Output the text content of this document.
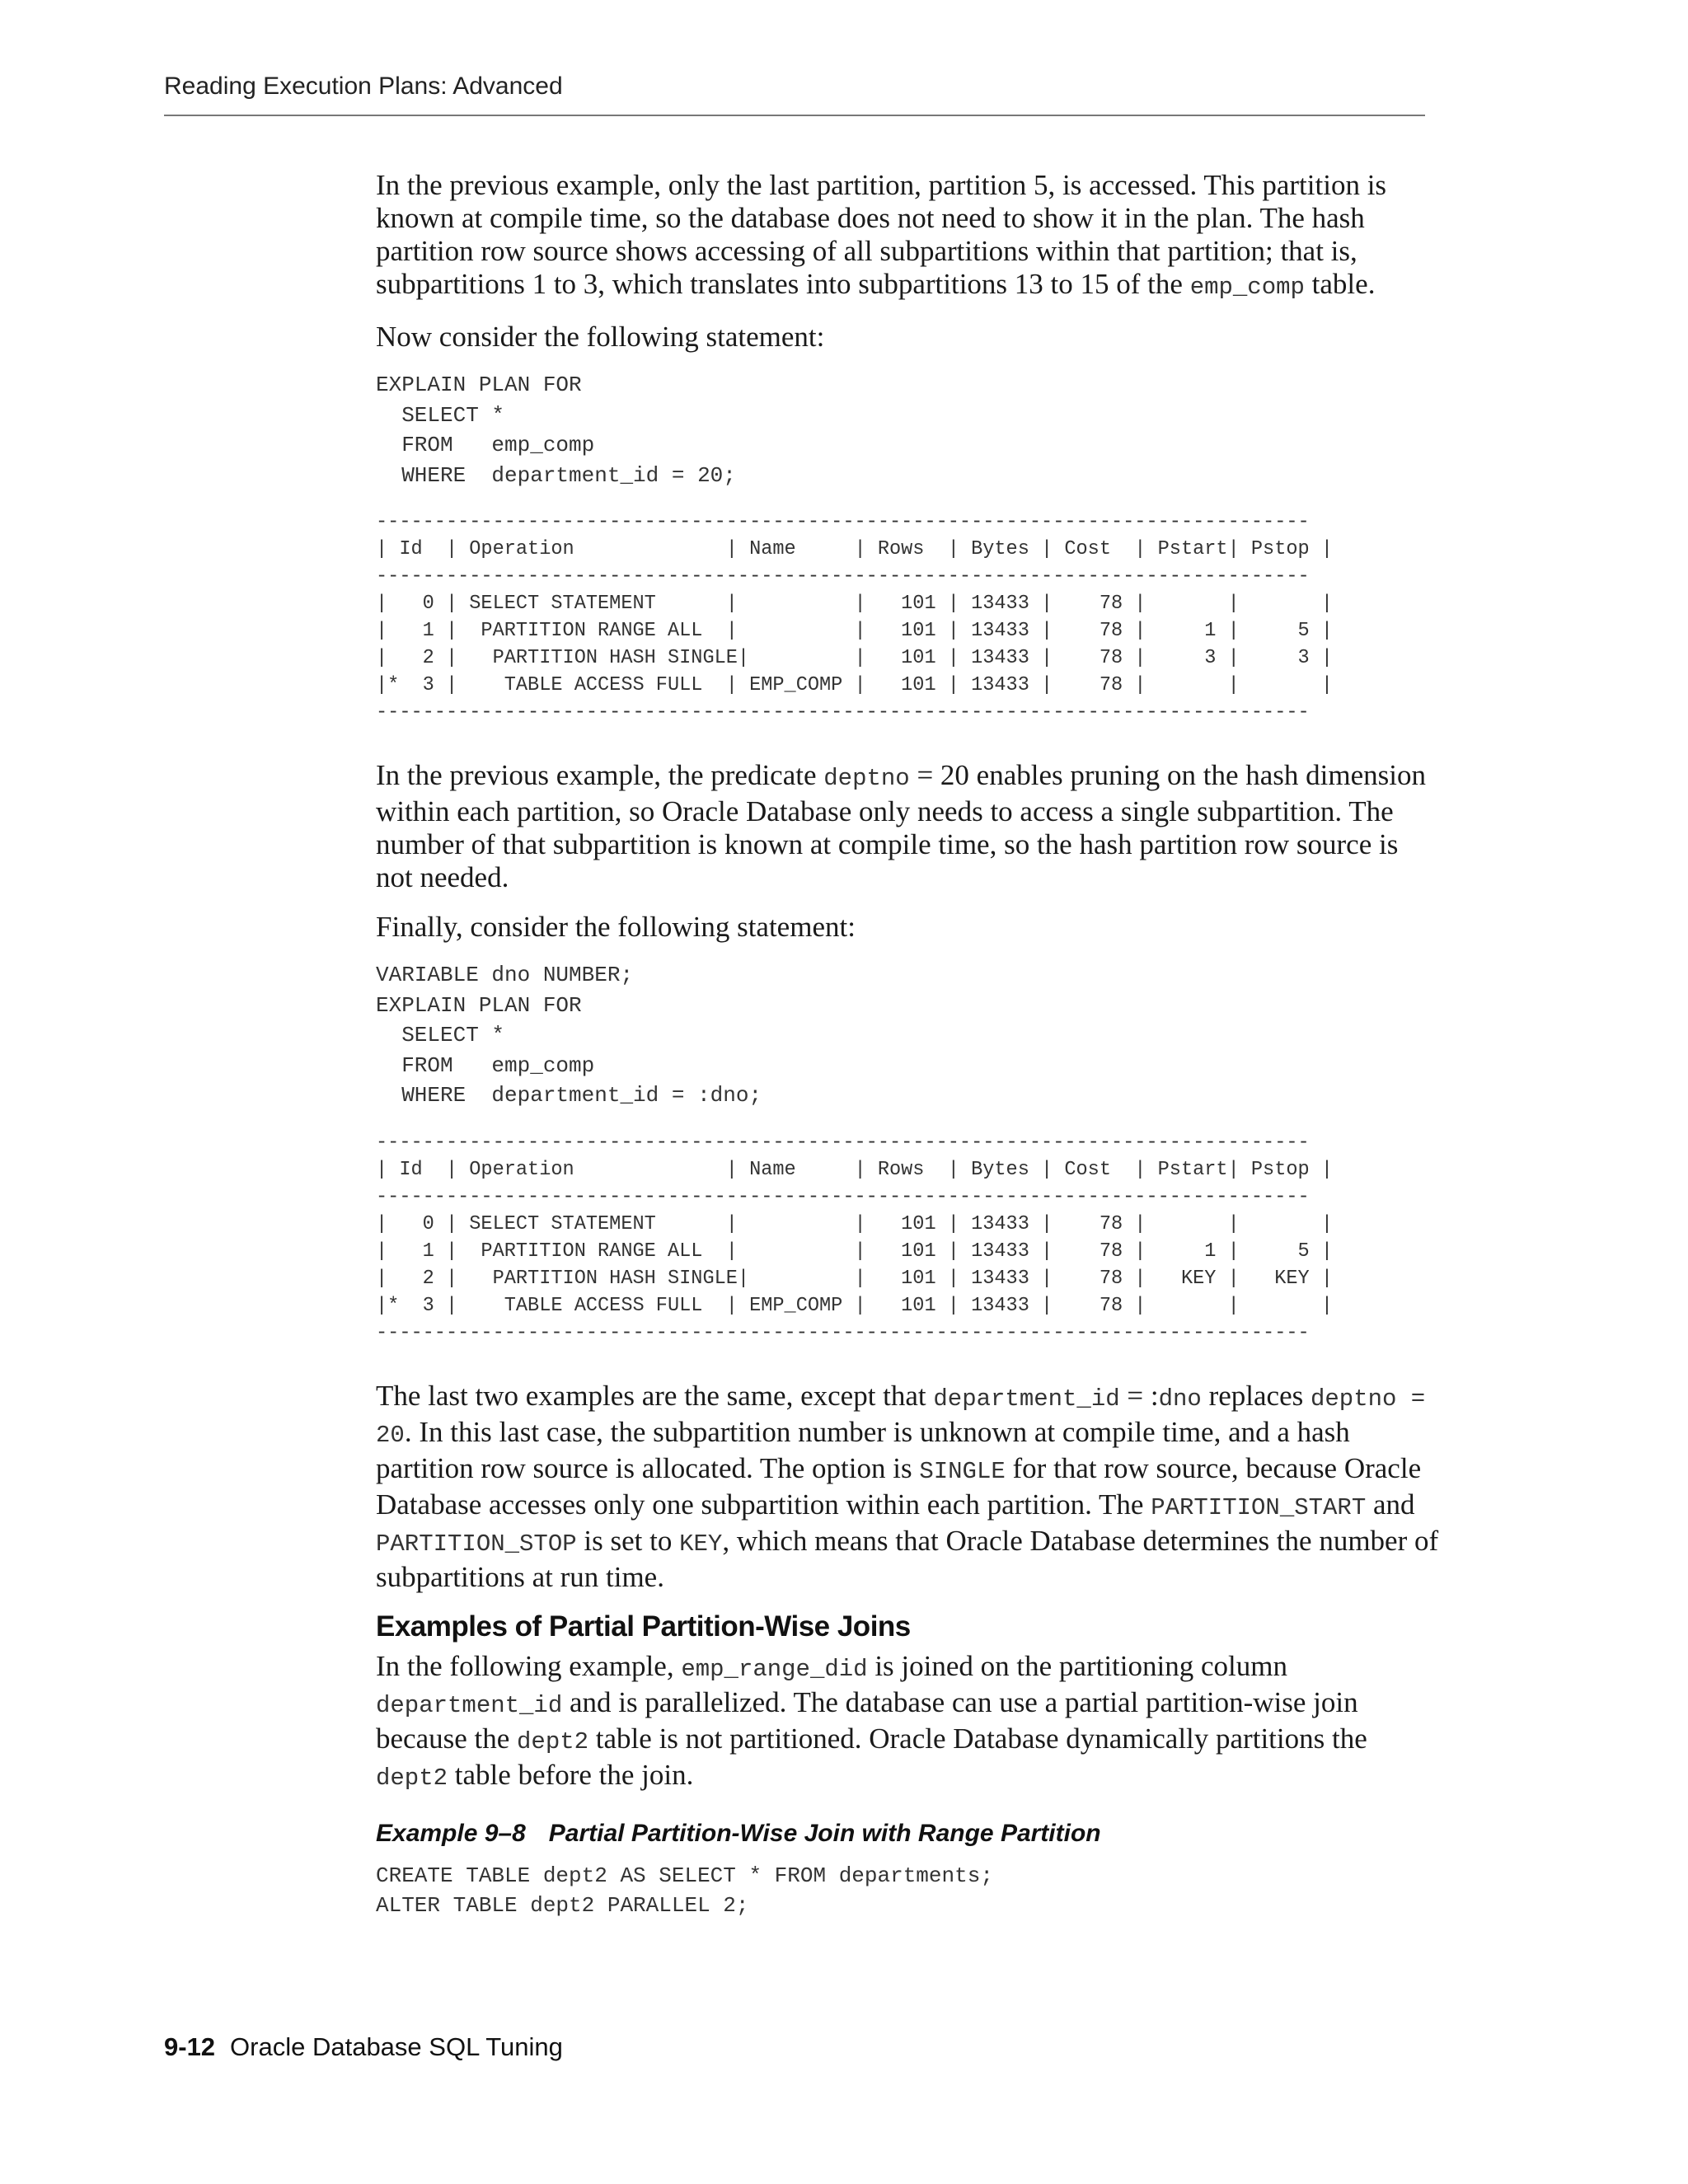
Reading Execution Plans: Advanced

In the previous example, only the last partition, partition 5, is accessed. This partition is known at compile time, so the database does not need to show it in the plan. The hash partition row source shows accessing of all subpartitions within that partition; that is, subpartitions 1 to 3, which translates into subpartitions 13 to 15 of the emp_comp table.

Now consider the following statement:

EXPLAIN PLAN FOR
SELECT *
FROM   emp_comp
WHERE  department_id = 20;
--------------------------------------------------------------------------------
| Id  | Operation             | Name     | Rows  | Bytes | Cost  | Pstart| Pstop |
--------------------------------------------------------------------------------
|   0 | SELECT STATEMENT      |          |   101 | 13433 |    78 |       |       |
|   1 |  PARTITION RANGE ALL  |          |   101 | 13433 |    78 |     1 |     5 |
|   2 |   PARTITION HASH SINGLE|         |   101 | 13433 |    78 |     3 |     3 |
|*  3 |    TABLE ACCESS FULL  | EMP_COMP |   101 | 13433 |    78 |       |       |
--------------------------------------------------------------------------------

In the previous example, the predicate deptno = 20 enables pruning on the hash dimension within each partition, so Oracle Database only needs to access a single subpartition. The number of that subpartition is known at compile time, so the hash partition row source is not needed.

Finally, consider the following statement:

VARIABLE dno NUMBER;
EXPLAIN PLAN FOR
SELECT *
FROM   emp_comp
WHERE  department_id = :dno;
--------------------------------------------------------------------------------
| Id  | Operation             | Name     | Rows  | Bytes | Cost  | Pstart| Pstop |
--------------------------------------------------------------------------------
|   0 | SELECT STATEMENT      |          |   101 | 13433 |    78 |       |       |
|   1 |  PARTITION RANGE ALL  |          |   101 | 13433 |    78 |     1 |     5 |
|   2 |   PARTITION HASH SINGLE|         |   101 | 13433 |    78 |   KEY |   KEY |
|*  3 |    TABLE ACCESS FULL  | EMP_COMP |   101 | 13433 |    78 |       |       |
--------------------------------------------------------------------------------

The last two examples are the same, except that department_id = :dno replaces deptno = 20. In this last case, the subpartition number is unknown at compile time, and a hash partition row source is allocated. The option is SINGLE for that row source, because Oracle Database accesses only one subpartition within each partition. The PARTITION_START and PARTITION_STOP is set to KEY, which means that Oracle Database determines the number of subpartitions at run time.

Examples of Partial Partition-Wise Joins

In the following example, emp_range_did is joined on the partitioning column department_id and is parallelized. The database can use a partial partition-wise join because the dept2 table is not partitioned. Oracle Database dynamically partitions the dept2 table before the join.

Example 9–8 Partial Partition-Wise Join with Range Partition
CREATE TABLE dept2 AS SELECT * FROM departments;
ALTER TABLE dept2 PARALLEL 2;
9-12 Oracle Database SQL Tuning
